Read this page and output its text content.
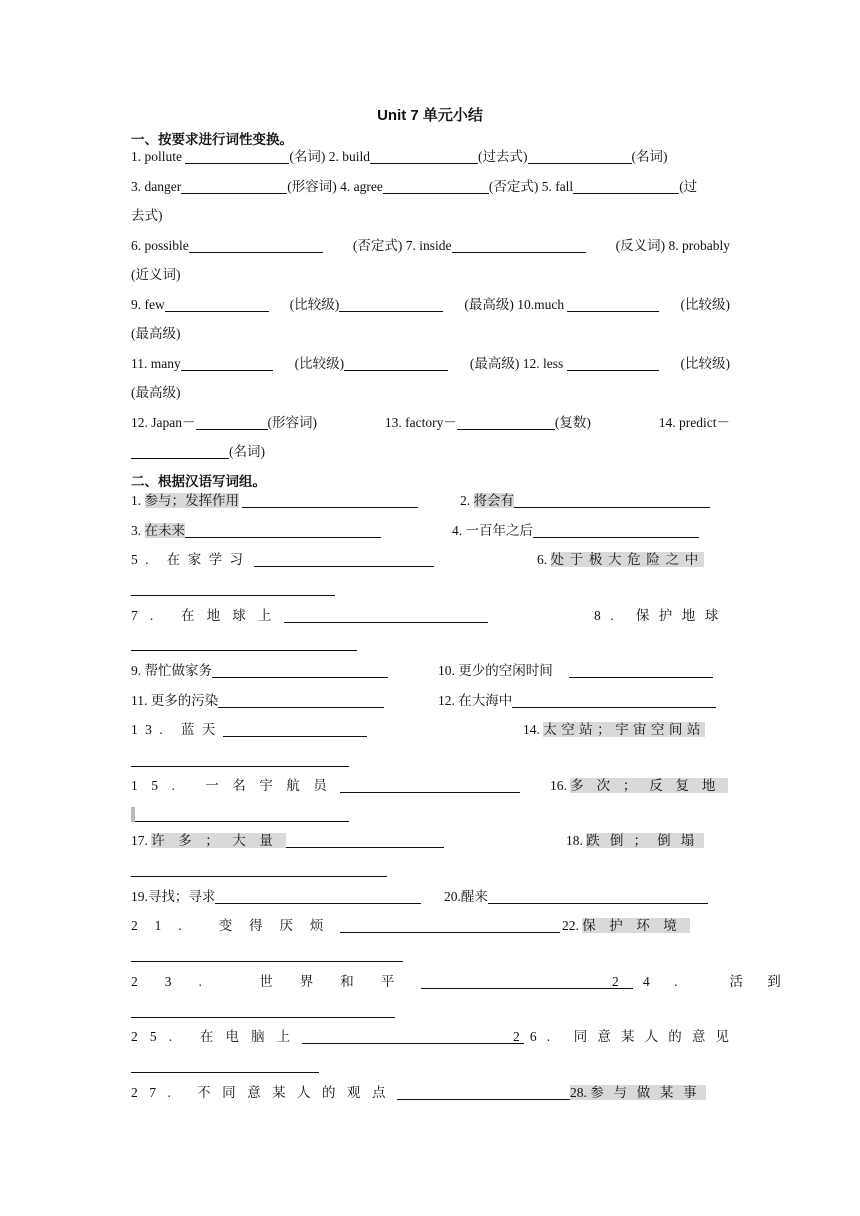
Unit 7 单元小结
一、按要求进行词性变换。
1. pollute	(名词) 2. build	(过去式)	(名词)
3. danger	(形容词) 4. agree	(否定式) 5. fall	(过
去式)
6. possible	(否定式) 7. inside	(反义词) 8. probably
(近义词)
9. few	(比较级)	(最高级) 10.much	(比较级)
(最高级)
11. many	(比较级)	(最高级) 12. less	(比较级)
(最高级)
12. Japan－	(形容词)	13. factory－	(复数)	14. predict－
(名词)
二、根据汉语写词组。
1. 参与；发挥作用	2. 将会有
3. 在未来	4. 一百年之后
5. 在家学习	6. 处于极大危险之中
7. 在地球上	8. 保护地球
9. 帮忙做家务	10. 更少的空闲时间
11. 更多的污染	12. 在大海中
13. 蓝天	14. 太空站；宇宙空间站
15. 一名宇航员	16. 多次；反复地
17. 许多；大量	18. 跌倒；倒塌
19.寻找；寻求	20.醒来
21. 变得厌烦	22. 保护环境
23. 世界和平	24. 活到
25. 在电脑上	26. 同意某人的意见
27. 不同意某人的观点	28. 参与做某事
